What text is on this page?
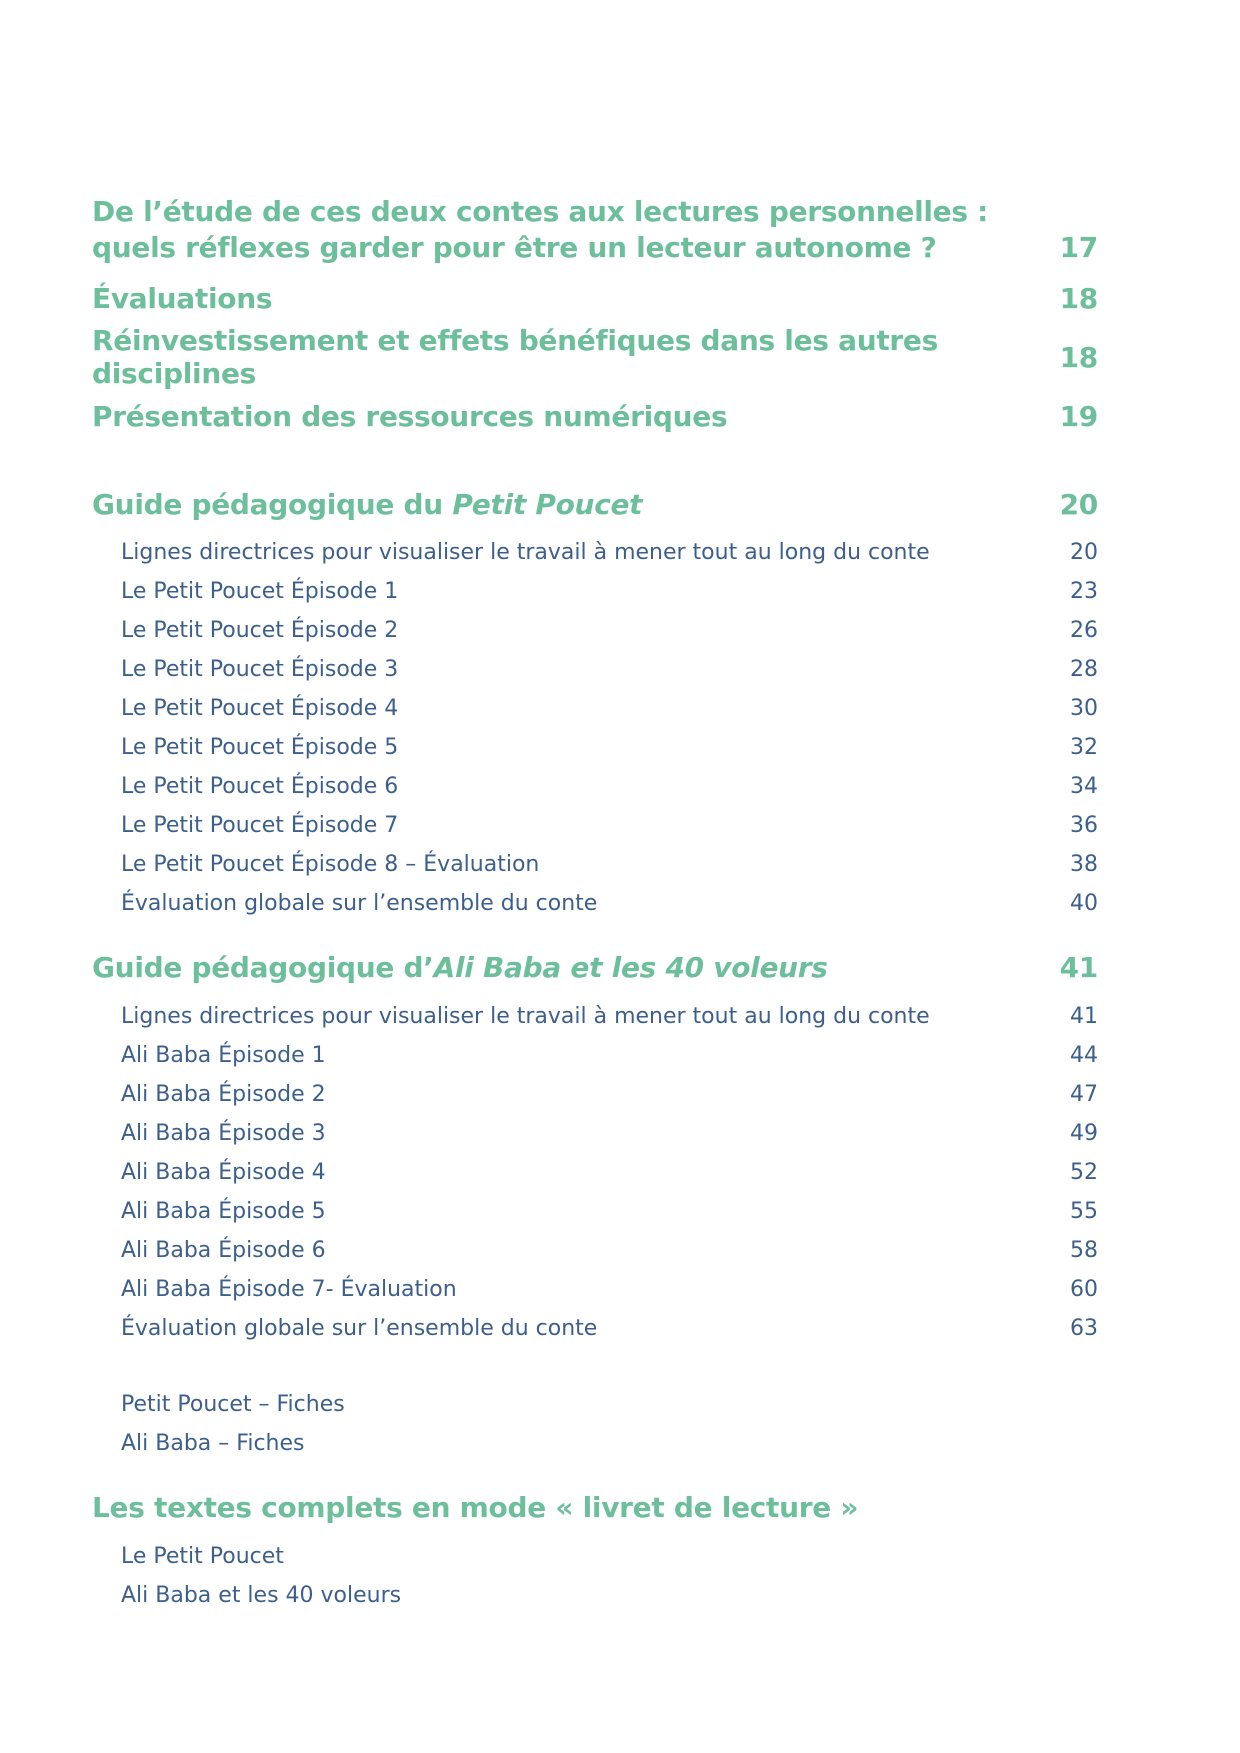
De l’étude de ces deux contes aux lectures personnelles :
quels réflexes garder pour être un lecteur autonome ?	17
Évaluations	18
Réinvestissement et effets bénéfiques dans les autres disciplines	18
Présentation des ressources numériques	19
Guide pédagogique du Petit Poucet	20
Lignes directrices pour visualiser le travail à mener tout au long du conte	20
Le Petit Poucet Épisode 1	23
Le Petit Poucet Épisode 2	26
Le Petit Poucet Épisode 3	28
Le Petit Poucet Épisode 4	30
Le Petit Poucet Épisode 5	32
Le Petit Poucet Épisode 6	34
Le Petit Poucet Épisode 7	36
Le Petit Poucet Épisode 8 – Évaluation	38
Évaluation globale sur l’ensemble du conte	40
Guide pédagogique d’Ali Baba et les 40 voleurs	41
Lignes directrices pour visualiser le travail à mener tout au long du conte	41
Ali Baba Épisode 1	44
Ali Baba Épisode 2	47
Ali Baba Épisode 3	49
Ali Baba Épisode 4	52
Ali Baba Épisode 5	55
Ali Baba Épisode 6	58
Ali Baba Épisode 7- Évaluation	60
Évaluation globale sur l’ensemble du conte	63
Petit Poucet – Fiches
Ali Baba – Fiches
Les textes complets en mode « livret de lecture »
Le Petit Poucet
Ali Baba et les 40 voleurs
